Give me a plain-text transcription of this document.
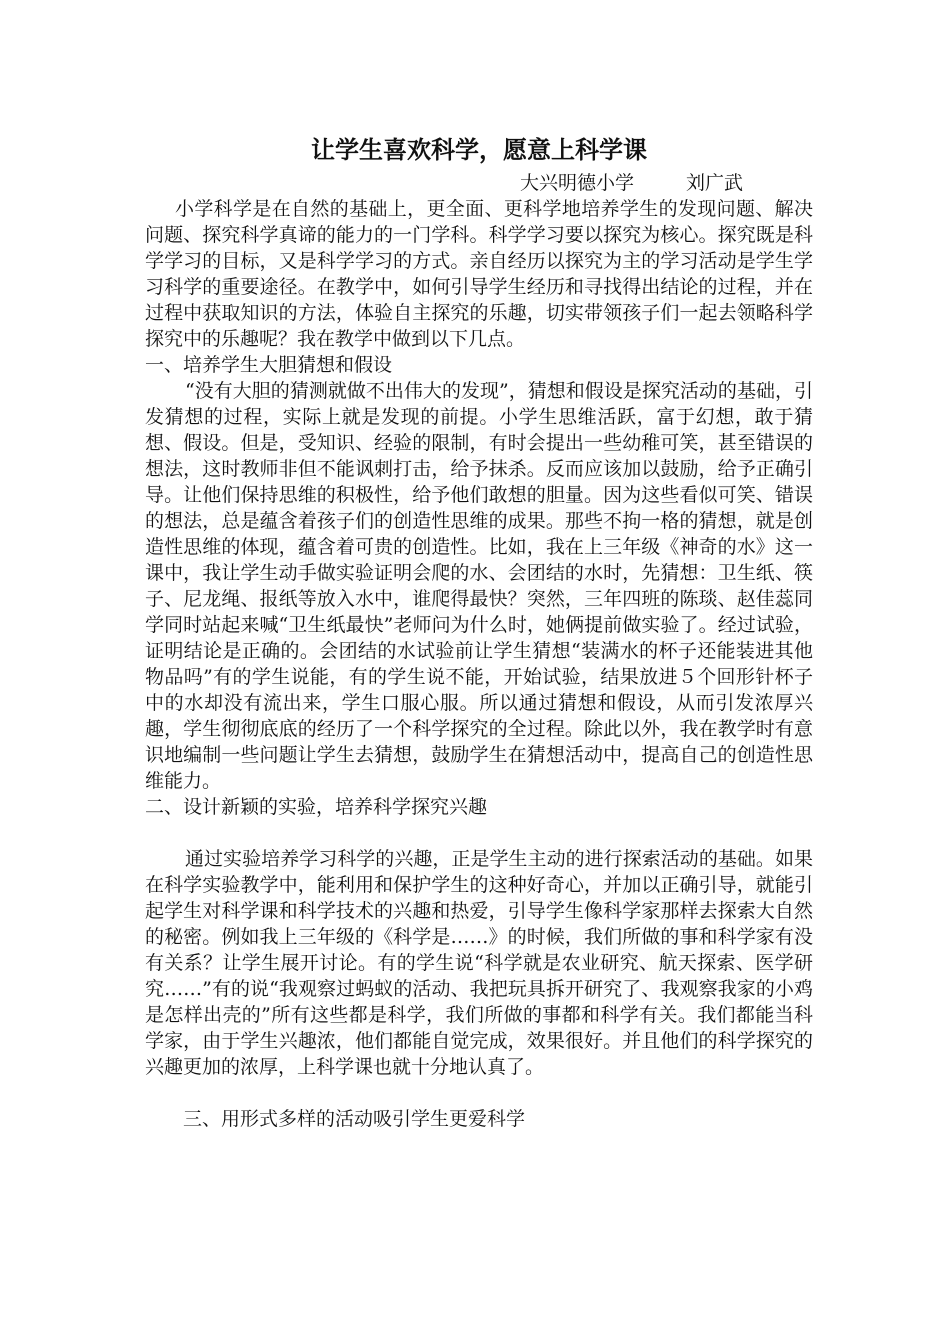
让学生喜欢科学，愿意上科学课

大兴明德小学	刘广武

小学科学是在自然的基础上，更全面、更科学地培养学生的发现问题、解决问题、探究科学真谛的能力的一门学科。科学学习要以探究为核心。探究既是科学学习的目标，又是科学学习的方式。亲自经历以探究为主的学习活动是学生学习科学的重要途径。在教学中，如何引导学生经历和寻找得出结论的过程，并在过程中获取知识的方法，体验自主探究的乐趣，切实带领孩子们一起去领略科学探究中的乐趣呢？我在教学中做到以下几点。

一、培养学生大胆猜想和假设

“没有大胆的猜测就做不出伟大的发现”，猜想和假设是探究活动的基础，引发猜想的过程，实际上就是发现的前提。小学生思维活跃，富于幻想，敢于猜想、假设。但是，受知识、经验的限制，有时会提出一些幼稚可笑，甚至错误的想法，这时教师非但不能讽刺打击，给予抹杀。反而应该加以鼓励，给予正确引导。让他们保持思维的积极性，给予他们敢想的胆量。因为这些看似可笑、错误的想法，总是蕴含着孩子们的创造性思维的成果。那些不拘一格的猜想，就是创造性思维的体现，蕴含着可贵的创造性。比如，我在上三年级《神奇的水》这一课中，我让学生动手做实验证明会爬的水、会团结的水时，先猜想：卫生纸、筷子、尼龙绳、报纸等放入水中，谁爬得最快？突然，三年四班的陈琰、赵佳蕊同学同时站起来喊“卫生纸最快”老师问为什么时，她俩提前做实验了。经过试验，证明结论是正确的。会团结的水试验前让学生猜想“装满水的杯子还能装进其他物品吗”有的学生说能，有的学生说不能，开始试验，结果放进５个回形针杯子中的水却没有流出来，学生口服心服。所以通过猜想和假设，从而引发浓厚兴趣，学生彻彻底底的经历了一个科学探究的全过程。除此以外，我在教学时有意识地编制一些问题让学生去猜想，鼓励学生在猜想活动中，提高自己的创造性思维能力。

二、设计新颖的实验，培养科学探究兴趣

通过实验培养学习科学的兴趣，正是学生主动的进行探索活动的基础。如果在科学实验教学中，能利用和保护学生的这种好奇心，并加以正确引导，就能引起学生对科学课和科学技术的兴趣和热爱，引导学生像科学家那样去探索大自然的秘密。例如我上三年级的《科学是……》的时候，我们所做的事和科学家有没有关系？让学生展开讨论。有的学生说“科学就是农业研究、航天探索、医学研究……”有的说“我观察过蚂蚁的活动、我把玩具拆开研究了、我观察我家的小鸡是怎样出壳的”所有这些都是科学，我们所做的事都和科学有关。我们都能当科学家，由于学生兴趣浓，他们都能自觉完成，效果很好。并且他们的科学探究的兴趣更加的浓厚，上科学课也就十分地认真了。

三、用形式多样的活动吸引学生更爱科学
